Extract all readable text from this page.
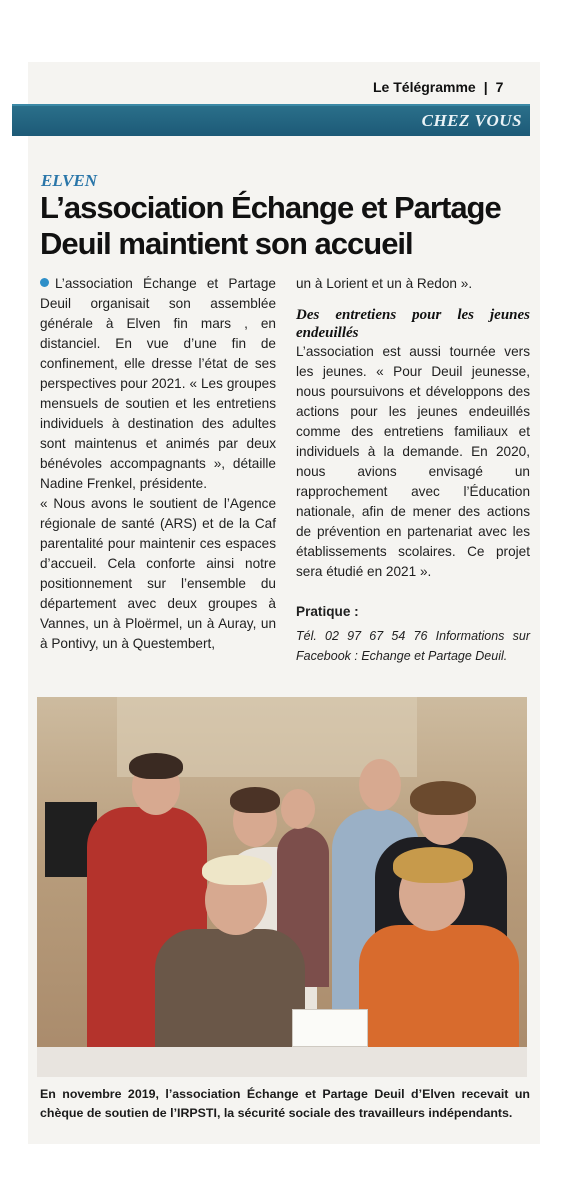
Le Télégramme | 7
CHEZ VOUS
ELVEN
L’association Échange et Partage Deuil maintient son accueil

L’association Échange et Partage Deuil organisait son assemblée générale à Elven fin mars , en distanciel. En vue d’une fin de confinement, elle dresse l’état de ses perspectives pour 2021. « Les groupes mensuels de soutien et les entretiens individuels à destination des adultes sont maintenus et animés par deux bénévoles accompagnants », détaille Nadine Frenkel, présidente.

« Nous avons le soutient de l’Agence régionale de santé (ARS) et de la Caf parentalité pour maintenir ces espaces d’accueil. Cela conforte ainsi notre positionnement sur l’ensemble du département avec deux groupes à Vannes, un à Ploërmel, un à Auray, un à Pontivy, un à Questembert,

un à Lorient et un à Redon ».

Des entretiens pour les jeunes endeuillés

L’association est aussi tournée vers les jeunes. « Pour Deuil jeunesse, nous poursuivons et développons des actions pour les jeunes endeuillés comme des entretiens familiaux et individuels à la demande. En 2020, nous avions envisagé un rapprochement avec l’Éducation nationale, afin de mener des actions de prévention en partenariat avec les établissements scolaires. Ce projet sera étudié en 2021 ».

Pratique :

Tél. 02 97 67 54 76 Informations sur Facebook : Echange et Partage Deuil.

En novembre 2019, l’association Échange et Partage Deuil d’Elven recevait un chèque de soutien de l’IRPSTI, la sécurité sociale des travailleurs indépendants.
